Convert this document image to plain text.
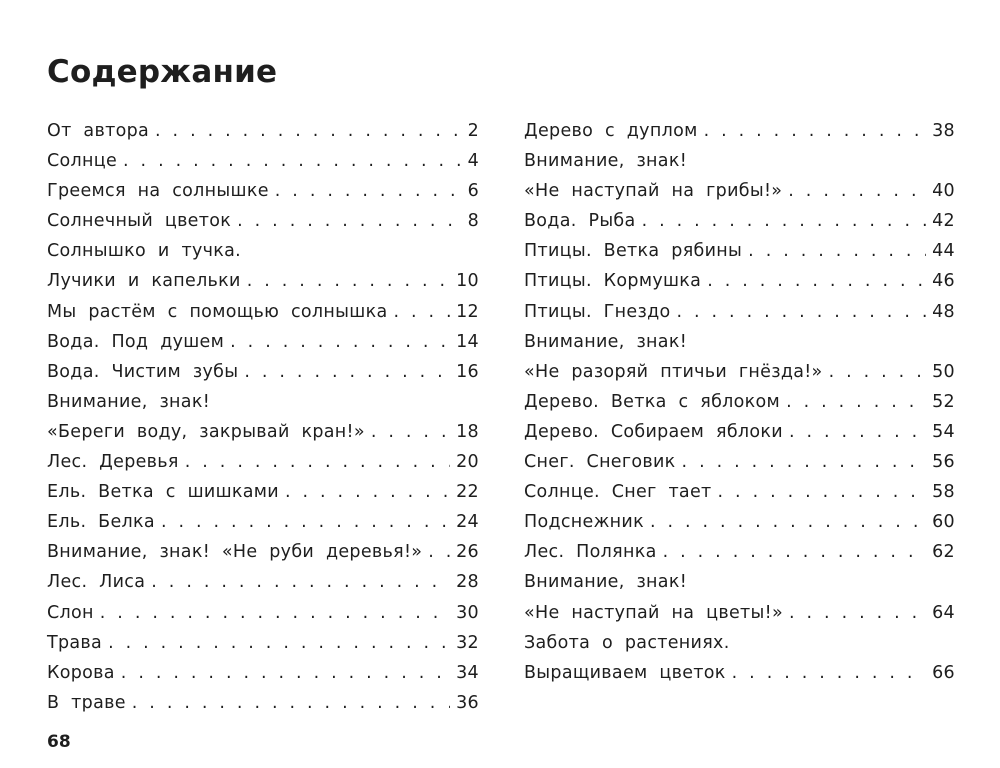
Содержание
От автора . . .	2
Солнце . . .	4
Греемся на солнышке . . .	6
Солнечный цветок . . .	8
Солнышко и тучка.
Лучики и капельки . . .	10
Мы растём с помощью солнышка . . .	12
Вода. Под душем . . .	14
Вода. Чистим зубы . . .	16
Внимание, знак!
«Береги воду, закрывай кран!» . . .	18
Лес. Деревья . . .	20
Ель. Ветка с шишками . . .	22
Ель. Белка . . .	24
Внимание, знак! «Не руби деревья!» . . . 26
Лес. Лиса . . .	28
Слон . . .	30
Трава . . .	32
Корова . . .	34
В траве . . .	36
Дерево с дуплом . . .	38
Внимание, знак!
«Не наступай на грибы!» . . .	40
Вода. Рыба . . .	42
Птицы. Ветка рябины . . .	44
Птицы. Кормушка . . .	46
Птицы. Гнездо . . .	48
Внимание, знак!
«Не разоряй птичьи гнёзда!» . . .	50
Дерево. Ветка с яблоком . . .	52
Дерево. Собираем яблоки . . .	54
Снег. Снеговик . . .	56
Солнце. Снег тает . . .	58
Подснежник . . .	60
Лес. Полянка . . .	62
Внимание, знак!
«Не наступай на цветы!» . . .	64
Забота о растениях.
Выращиваем цветок . . .	66
68
